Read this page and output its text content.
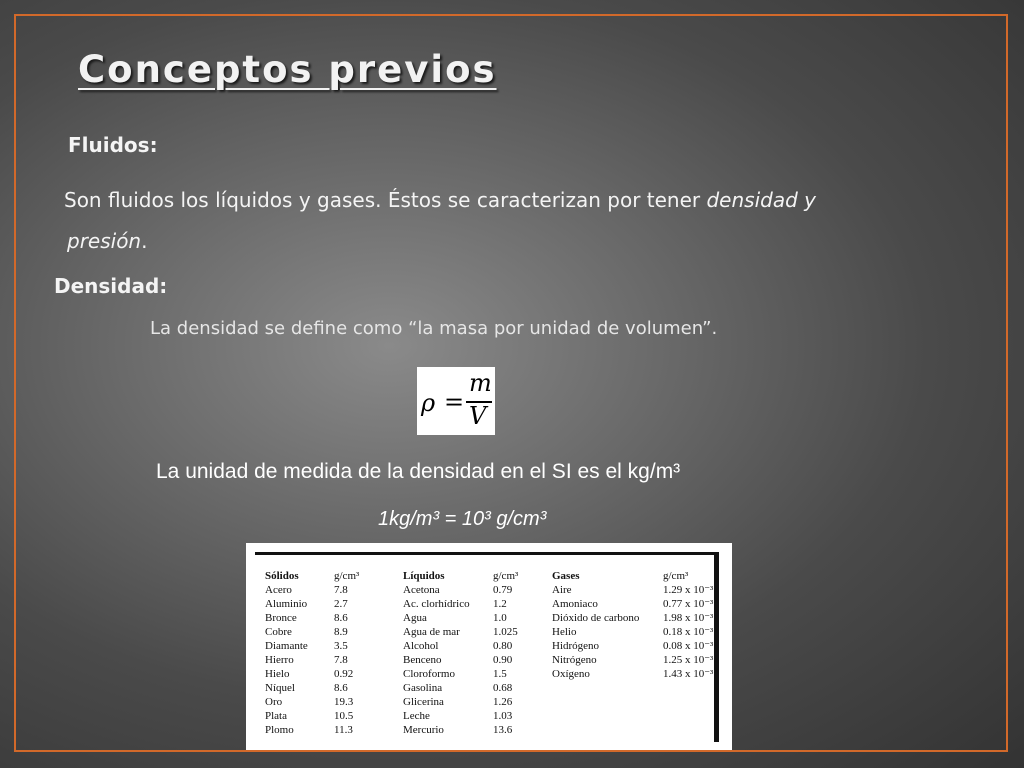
Conceptos previos
Fluidos:
Son fluidos los líquidos y gases. Éstos se caracterizan por tener densidad y
presión.
Densidad:
La densidad se define como “la masa por unidad de volumen”.
ρ =
m
V
La unidad de medida de la densidad en el SI es el kg/m³
1kg/m³ = 10³ g/cm³
Sólidos
Acero
Aluminio
Bronce
Cobre
Diamante
Hierro
Hielo
Níquel
Oro
Plata
Plomo
g/cm³
7.8
2.7
8.6
8.9
3.5
7.8
0.92
8.6
19.3
10.5
11.3
Líquidos
Acetona
Ac. clorhídrico
Agua
Agua de mar
Alcohol
Benceno
Cloroformo
Gasolina
Glicerina
Leche
Mercurio
g/cm³
0.79
1.2
1.0
1.025
0.80
0.90
1.5
0.68
1.26
1.03
13.6
Gases
Aire
Amoniaco
Dióxido de carbono
Helio
Hidrógeno
Nitrógeno
Oxígeno
g/cm³
1.29 x 10⁻³
0.77 x 10⁻³
1.98 x 10⁻³
0.18 x 10⁻³
0.08 x 10⁻³
1.25 x 10⁻³
1.43 x 10⁻³
